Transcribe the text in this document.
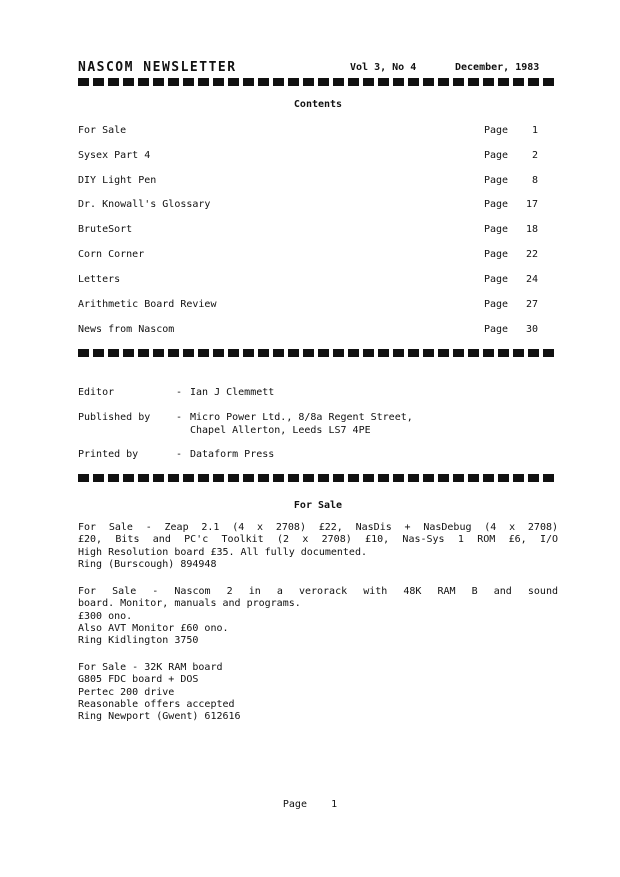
NASCOM NEWSLETTER	Vol 3, No 4	December, 1983
Contents
For Sale	Page	1
Sysex Part 4	Page	2
DIY Light Pen	Page	8
Dr. Knowall's Glossary	Page	17
BruteSort	Page	18
Corn Corner	Page	22
Letters	Page	24
Arithmetic Board Review	Page	27
News from Nascom	Page	30
Editor	- Ian J Clemmett
Published by	- Micro Power Ltd., 8/8a Regent Street,
Chapel Allerton, Leeds LS7 4PE
Printed by	- Dataform Press
For Sale
For Sale - Zeap 2.1 (4 x 2708) £22, NasDis + NasDebug (4 x 2708)
£20, Bits and PC'c Toolkit (2 x 2708) £10, Nas-Sys 1 ROM £6, I/O
High Resolution board £35. All fully documented.
Ring (Burscough) 894948
For Sale - Nascom 2 in a verorack with 48K RAM B and sound
board. Monitor, manuals and programs.
£300 ono.
Also AVT Monitor £60 ono.
Ring Kidlington 3750
For Sale - 32K RAM board
G805 FDC board + DOS
Pertec 200 drive
Reasonable offers accepted
Ring Newport (Gwent) 612616
Page 1
